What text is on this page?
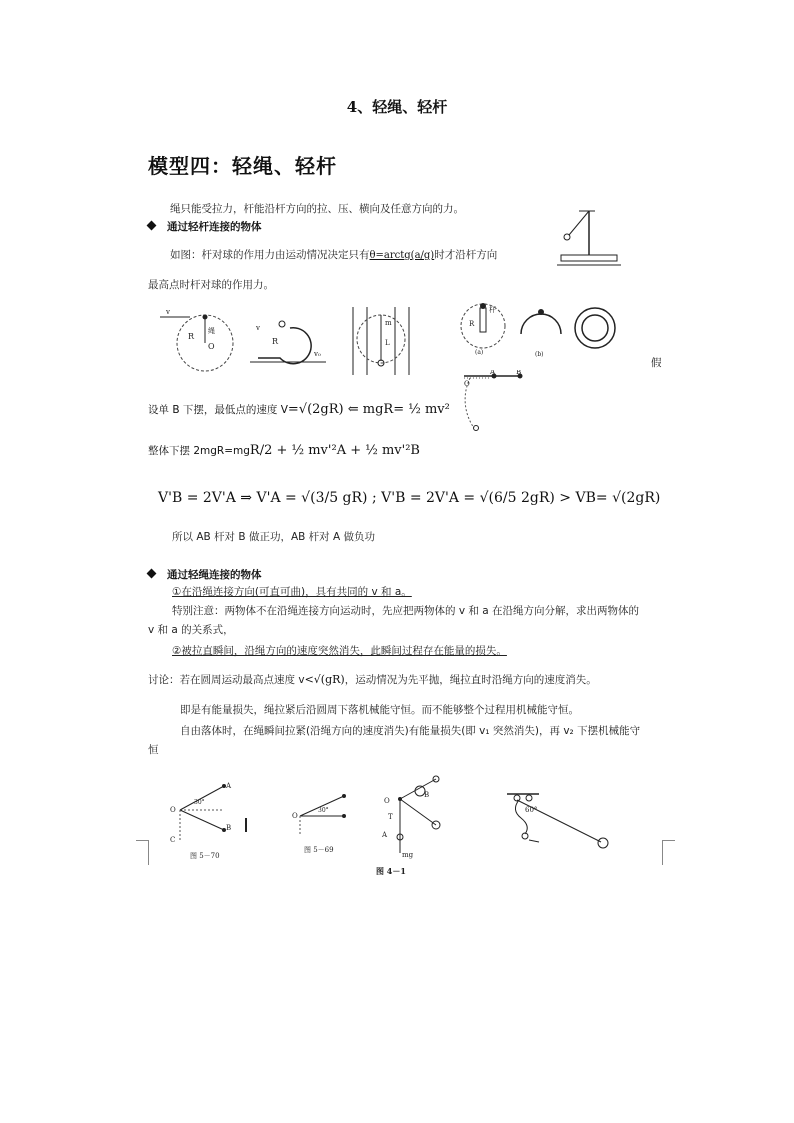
4、轻绳、轻杆
模型四：轻绳、轻杆
绳只能受拉力，杆能沿杆方向的拉、压、横向及任意方向的力。
通过轻杆连接的物体
如图：杆对球的作用力由运动情况决定只有θ=arctg(a/g)时才沿杆方向
最高点时杆对球的作用力。
R
绳
O
v
R
v
v₀
m
L
R
杆
(a)	(b)
假
A	B
O
设单 B 下摆，最低点的速度 V=√(2gR) ⇐ mgR= ½ mv²
整体下摆 2mgR=mgR/2 + ½ mv'²A + ½ mv'²B
V'B = 2V'A ⇒ V'A = √(3/5 gR) ; V'B = 2V'A = √(6/5 2gR) > VB= √(2gR)
所以 AB 杆对 B 做正功，AB 杆对 A 做负功
通过轻绳连接的物体
①在沿绳连接方向(可直可曲)，具有共同的 v 和 a。
特别注意：两物体不在沿绳连接方向运动时，先应把两物体的 v 和 a 在沿绳方向分解，求出两物体的
v 和 a 的关系式，
②被拉直瞬间，沿绳方向的速度突然消失，此瞬间过程存在能量的损失。
讨论：若在圆周运动最高点速度 v<√(gR)，运动情况为先平抛，绳拉直时沿绳方向的速度消失。
即是有能量损失，绳拉紧后沿圆周下落机械能守恒。而不能够整个过程用机械能守恒。
自由落体时，在绳瞬间拉紧(沿绳方向的速度消失)有能量损失(即 v₁ 突然消失)，再 v₂ 下摆机械能守
恒
O
A
B
30°
C
图 5－70
O
30°
图 5－69
mg
T
A
O
B
60°
图 4－1
